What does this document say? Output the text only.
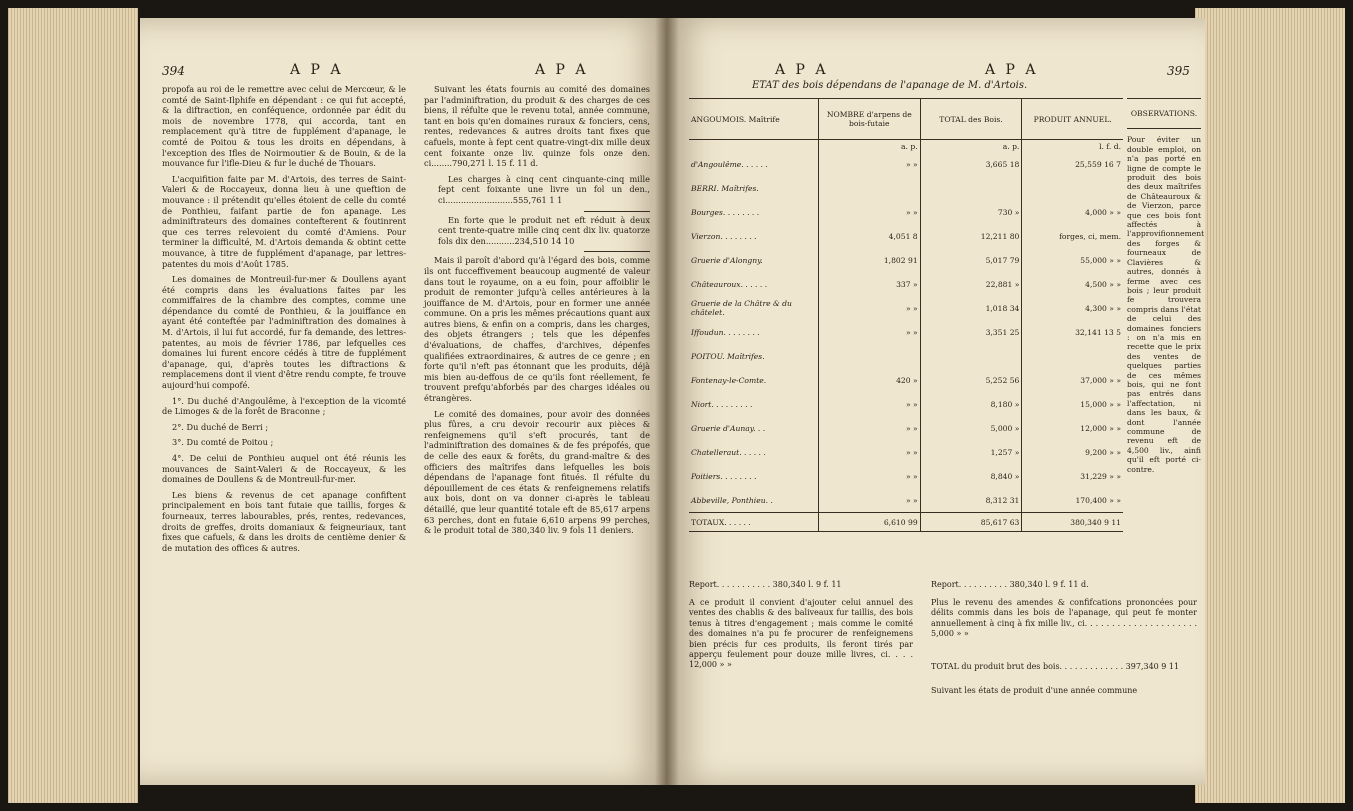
394	A P A	A P A

propofa au roi de le remettre avec celui de Mercœur, & le comté de Saint-Ilphife en dépendant : ce qui fut accepté, & la diftraction, en conféquence, ordonnée par édit du mois de novembre 1778, qui accorda, tant en remplacement qu'à titre de fupplément d'apanage, le comté de Poitou & tous les droits en dépendans, à l'exception des Ifles de Noirmoutier & de Bouin, & de la mouvance fur l'ifle-Dieu & fur le duché de Thouars.

L'acquifition faite par M. d'Artois, des terres de Saint-Valeri & de Roccayeux, donna lieu à une queftion de mouvance : il prétendit qu'elles étoient de celle du comté de Ponthieu, faifant partie de fon apanage. Les adminiftrateurs des domaines contefterent & foutinrent que ces terres relevoient du comté d'Amiens. Pour terminer la difficulté, M. d'Artois demanda & obtint cette mouvance, à titre de fupplément d'apanage, par lettres-patentes du mois d'Août 1785.

Les domaines de Montreuil-fur-mer & Doullens ayant été compris dans les évaluations faites par les commiffaires de la chambre des comptes, comme une dépendance du comté de Ponthieu, & la jouiffance en ayant été conteftée par l'adminiftration des domaines à M. d'Artois, il lui fut accordé, fur fa demande, des lettres-patentes, au mois de février 1786, par lefquelles ces domaines lui furent encore cédés à titre de fupplément d'apanage, qui, d'après toutes les diftractions & remplacemens dont il vient d'être rendu compte, fe trouve aujourd'hui compofé.

1°. Du duché d'Angoulême, à l'exception de la vicomté de Limoges & de la forêt de Braconne ;

2°. Du duché de Berri ;

3°. Du comté de Poitou ;

4°. De celui de Ponthieu auquel ont été réunis les mouvances de Saint-Valeri & de Roccayeux, & les domaines de Doullens & de Montreuil-fur-mer.

Les biens & revenus de cet apanage confiftent principalement en bois tant futaie que taillis, forges & fourneaux, terres labourables, prés, rentes, redevances, droits de greffes, droits domaniaux & feigneuriaux, tant fixes que cafuels, & dans les droits de centième denier & de mutation des offices & autres.

Suivant les états fournis au comité des domaines par l'adminiftration, du produit & des charges de ces biens, il réfulte que le revenu total, année commune, tant en bois qu'en domaines ruraux & fonciers, cens, rentes, redevances & autres droits tant fixes que cafuels, monte à fept cent quatre-vingt-dix mille deux cent foixante onze liv. quinze fols onze den. ci........790,271 l. 15 f. 11 d.

Les charges à cinq cent cinquante-cinq mille fept cent foixante une livre un fol un den., ci..........................555,761 1 1

En forte que le produit net eft réduit à deux cent trente-quatre mille cinq cent dix liv. quatorze fols dix den...........234,510 14 10

Mais il paroît d'abord qu'à l'égard des bois, comme ils ont fucceffivement beaucoup augmenté de valeur dans tout le royaume, on a eu foin, pour affoiblir le produit de remonter jufqu'à celles antérieures à la jouiffance de M. d'Artois, pour en former une année commune. On a pris les mêmes précautions quant aux autres biens, & enfin on a compris, dans les charges, des objets étrangers ; tels que les dépenfes d'évaluations, de chaffes, d'archives, dépenfes qualifiées extraordinaires, & autres de ce genre ; en forte qu'il n'eft pas étonnant que les produits, déjà mis bien au-deffous de ce qu'ils font réellement, fe trouvent prefqu'abforbés par des charges idéales ou étrangères.

Le comité des domaines, pour avoir des données plus fûres, a cru devoir recourir aux pièces & renfeignemens qu'il s'eft procurés, tant de l'adminiftration des domaines & de fes prépofés, que de celle des eaux & forêts, du grand-maître & des officiers des maîtrifes dans lefquelles les bois dépendans de l'apanage font fitués. Il réfulte du dépouillement de ces états & renfeignemens relatifs aux bois, dont on va donner ci-après le tableau détaillé, que leur quantité totale eft de 85,617 arpens 63 perches, dont en futaie 6,610 arpens 99 perches, & le produit total de 380,340 liv. 9 fols 11 deniers.

A P A	A P A	395
ETAT des bois dépendans de l'apanage de M. d'Artois.
ANGOUMOIS. Maîtrife	NOMBRE d'arpens de bois-futaie	TOTAL des Bois.	PRODUIT ANNUEL.
	a. p.	a. p.	l. f. d.
d'Angoulême. . . . . .	» »	3,665 18	25,559 16 7
BERRI. Maîtrifes.			
Bourges. . . . . . . .	» »	730 »	4,000 » »
Vierzon. . . . . . . .	4,051 8	12,211 80	forges, ci, mem.
Gruerie d'Alongny.	1,802 91	5,017 79	55,000 » »
Châteauroux. . . . . .	337 »	22,881 »	4,500 » »
Gruerie de la Châtre & du châtelet.	» »	1,018 34	4,300 » »
Iffoudun. . . . . . . .	» »	3,351 25	32,141 13 5
POITOU. Maîtrifes.			
Fontenay-le-Comte.	420 »	5,252 56	37,000 » »
Niort. . . . . . . . .	» »	8,180 »	15,000 » »
Gruerie d'Aunay. . .	» »	5,000 »	12,000 » »
Chatelleraut. . . . . .	» »	1,257 »	9,200 » »
Poitiers. . . . . . . .	» »	8,840 »	31,229 » »
Abbeville, Ponthieu. .	» »	8,312 31	170,400 » »
TOTAUX. . . . . .	6,610 99	85,617 63	380,340 9 11
OBSERVATIONS.
Pour éviter un double emploi, on n'a pas porté en ligne de compte le produit des bois des deux maîtrifes de Châteauroux & de Vierzon, parce que ces bois font affectés à l'approvifionnement des forges & fourneaux de Clavières & autres, donnés à ferme avec ces bois ; leur produit fe trouvera compris dans l'état de celui des domaines fonciers : on n'a mis en recette que le prix des ventes de quelques parties de ces mêmes bois, qui ne font pas entrés dans l'affectation, ni dans les baux, & dont l'année commune de revenu eft de 4,500 liv., ainfi qu'il eft porté ci-contre.
Report. . . . . . . . . . . 380,340 l. 9 f. 11
A ce produit il convient d'ajouter celui annuel des ventes des chablis & des baliveaux fur taillis, des bois tenus à titres d'engagement ; mais comme le comité des domaines n'a pu fe procurer de renfeignemens bien précis fur ces produits, ils feront tirés par apperçu feulement pour douze mille livres, ci. . . . 12,000 » »
Report. . . . . . . . . . 380,340 l. 9 f. 11 d.
Plus le revenu des amendes & confifcations prononcées pour délits commis dans les bois de l'apanage, qui peut fe monter annuellement à cinq à fix mille liv., ci. . . . . . . . . . . . . . . . . . . . . 5,000 » »
TOTAL du produit brut des bois. . . . . . . . . . . . . 397,340 9 11
Suivant les états de produit d'une année commune
